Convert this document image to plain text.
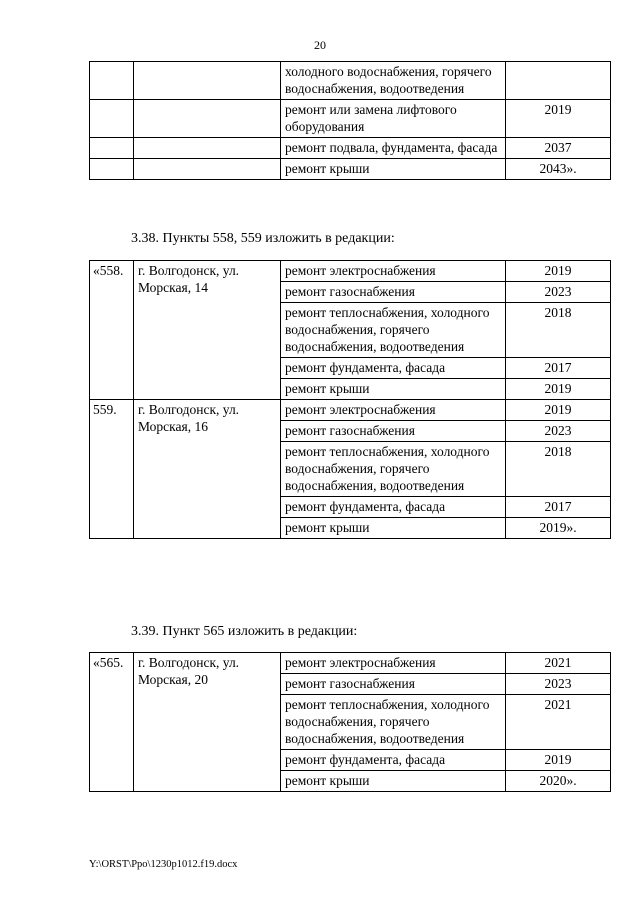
20
		холодного водоснабжения, горячего водоснабжения, водоотведения	
		ремонт или замена лифтового оборудования	2019
		ремонт подвала, фундамента, фасада	2037
		ремонт крыши	2043».
3.38. Пункты 558, 559 изложить в редакции:
«558.	г. Волгодонск, ул. Морская, 14	ремонт электроснабжения	2019
		ремонт газоснабжения	2023
		ремонт теплоснабжения, холодного водоснабжения, горячего водоснабжения, водоотведения	2018
		ремонт фундамента, фасада	2017
		ремонт крыши	2019
559.	г. Волгодонск, ул. Морская, 16	ремонт электроснабжения	2019
		ремонт газоснабжения	2023
		ремонт теплоснабжения, холодного водоснабжения, горячего водоснабжения, водоотведения	2018
		ремонт фундамента, фасада	2017
		ремонт крыши	2019».
3.39. Пункт 565 изложить в редакции:
«565.	г. Волгодонск, ул. Морская, 20	ремонт электроснабжения	2021
		ремонт газоснабжения	2023
		ремонт теплоснабжения, холодного водоснабжения, горячего водоснабжения, водоотведения	2021
		ремонт фундамента, фасада	2019
		ремонт крыши	2020».
Y:\ORST\Ppo\1230p1012.f19.docx
